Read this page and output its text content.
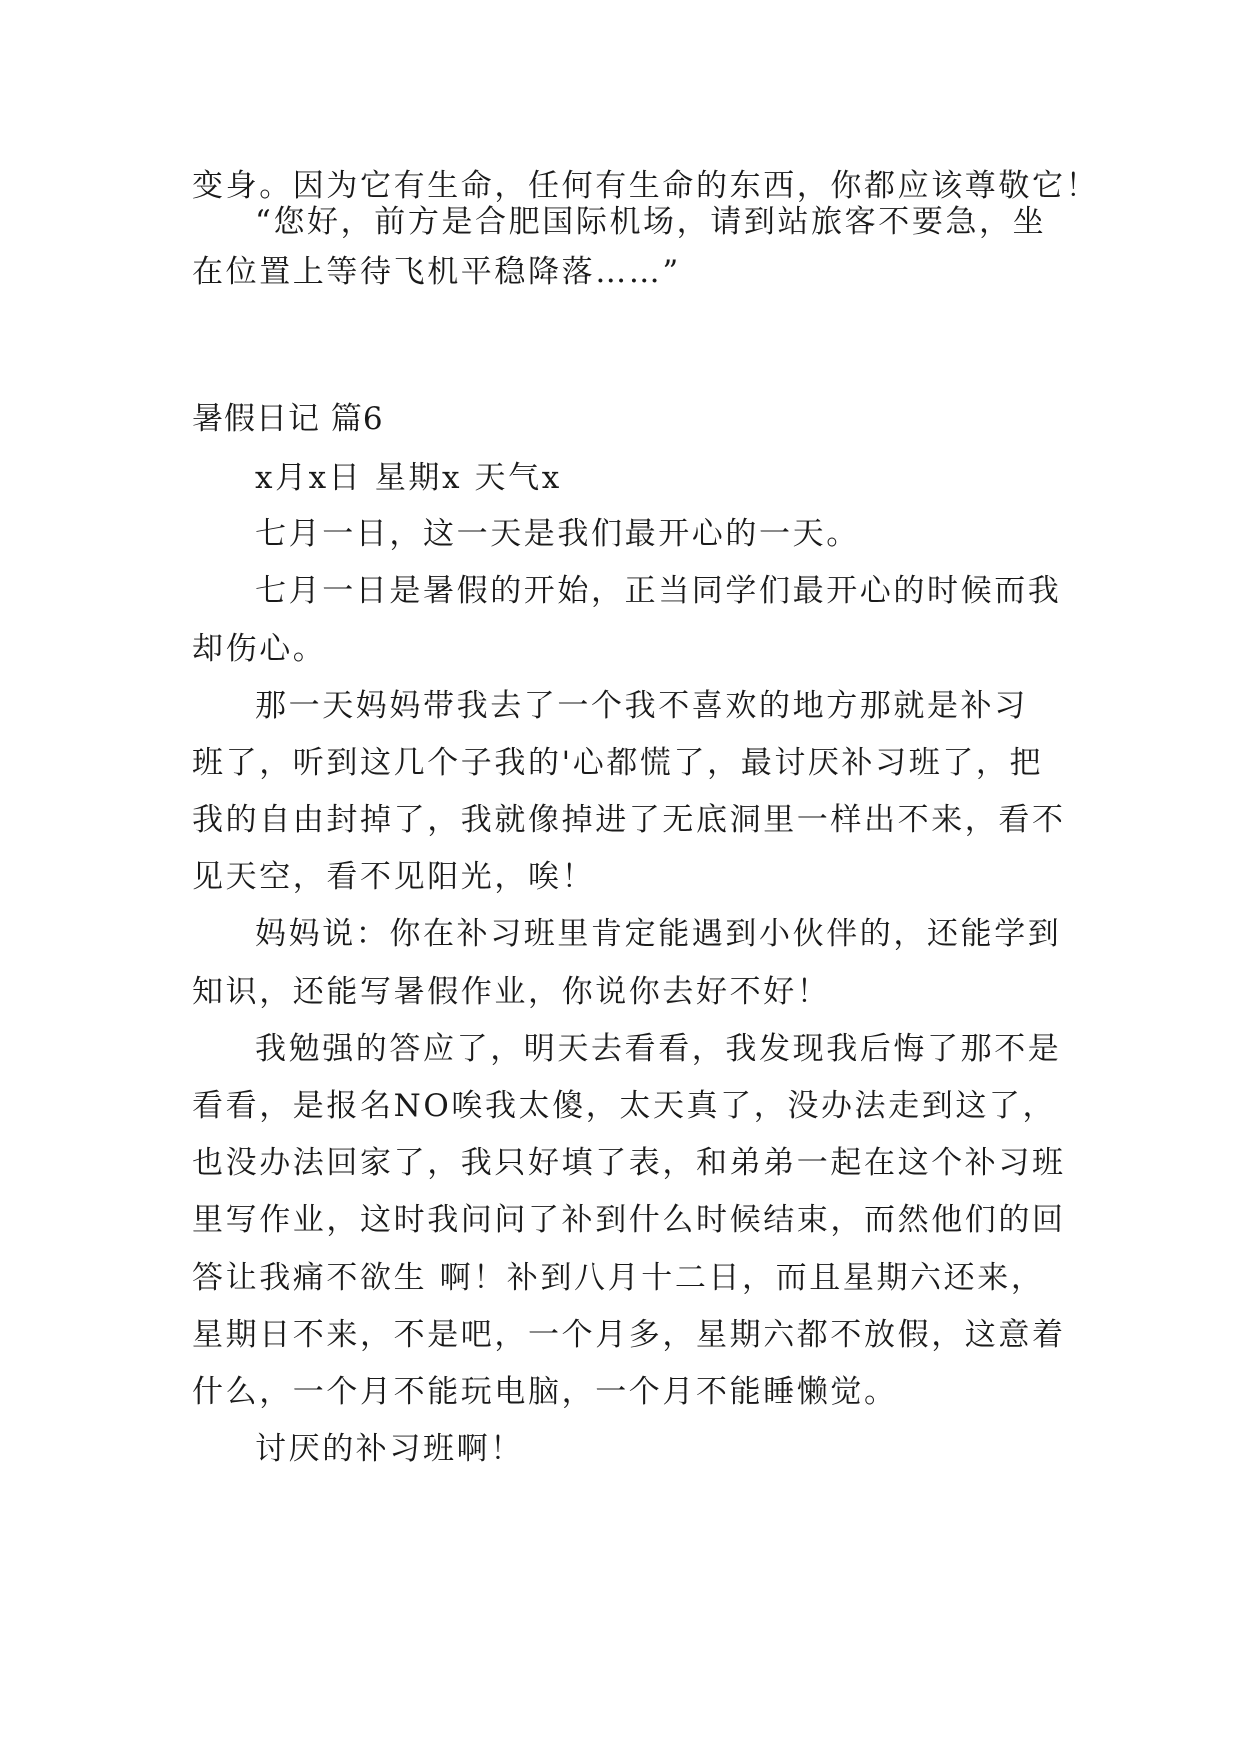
变身。因为它有生命，任何有生命的东西，你都应该尊敬它！
“您好，前方是合肥国际机场，请到站旅客不要急，坐
在位置上等待飞机平稳降落……”
暑假日记 篇6
x月x日 星期x 天气x
七月一日，这一天是我们最开心的一天。
七月一日是暑假的开始，正当同学们最开心的时候而我
却伤心。
那一天妈妈带我去了一个我不喜欢的地方那就是补习
班了，听到这几个子我的'心都慌了，最讨厌补习班了，把
我的自由封掉了，我就像掉进了无底洞里一样出不来，看不
见天空，看不见阳光，唉！
妈妈说：你在补习班里肯定能遇到小伙伴的，还能学到
知识，还能写暑假作业，你说你去好不好！
我勉强的答应了，明天去看看，我发现我后悔了那不是
看看，是报名NO唉我太傻，太天真了，没办法走到这了，
也没办法回家了，我只好填了表，和弟弟一起在这个补习班
里写作业，这时我问问了补到什么时候结束，而然他们的回
答让我痛不欲生 啊！补到八月十二日，而且星期六还来，
星期日不来，不是吧，一个月多，星期六都不放假，这意着
什么，一个月不能玩电脑，一个月不能睡懒觉。
讨厌的补习班啊！
